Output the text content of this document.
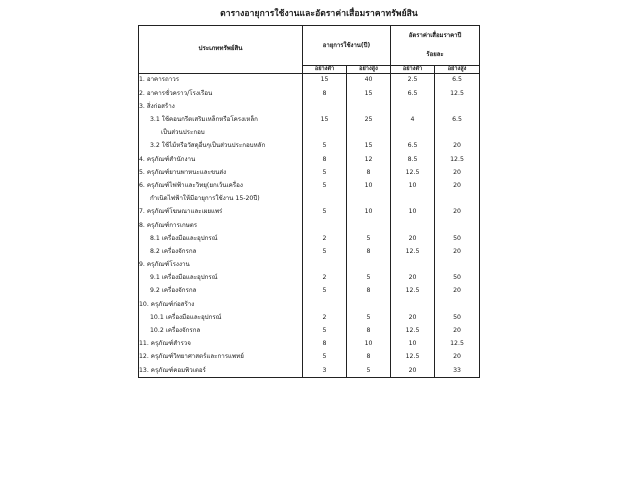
ตารางอายุการใช้งานและอัตราค่าเสื่อมราคาทรัพย์สิน
ประเภททรัพย์สิน	อายุการใช้งาน(ปี)		อัตราค่าเสื่อมราคาปี	
			ร้อยละ	
	อย่างต่ำ	อย่างสูง	อย่างต่ำ	อย่างสูง
1. อาคารถาวร	15	40	2.5	6.5
2. อาคารชั่วคราว/โรงเรือน	8	15	6.5	12.5
3. สิ่งก่อสร้าง				
3.1 ใช้คอนกรีตเสริมเหล็กหรือโครงเหล็ก	15	25	4	6.5
เป็นส่วนประกอบ				
3.2 ใช้ไม้หรือวัสดุอื่นๆเป็นส่วนประกอบหลัก	5	15	6.5	20
4. ครุภัณฑ์สำนักงาน	8	12	8.5	12.5
5. ครุภัณฑ์ยานพาหนะและขนส่ง	5	8	12.5	20
6. ครุภัณฑ์ไฟฟ้าและวิทยุ(ยกเว้นเครื่อง	5	10	10	20
กำเนิดไฟฟ้าให้มีอายุการใช้งาน 15-20ปี)				
7. ครุภัณฑ์โฆษณาและเผยแพร่	5	10	10	20
8. ครุภัณฑ์การเกษตร				
8.1 เครื่องมือและอุปกรณ์	2	5	20	50
8.2 เครื่องจักรกล	5	8	12.5	20
9. ครุภัณฑ์โรงงาน				
9.1 เครื่องมือและอุปกรณ์	2	5	20	50
9.2 เครื่องจักรกล	5	8	12.5	20
10. ครุภัณฑ์ก่อสร้าง				
10.1 เครื่องมือและอุปกรณ์	2	5	20	50
10.2 เครื่องจักรกล	5	8	12.5	20
11. ครุภัณฑ์สำรวจ	8	10	10	12.5
12. ครุภัณฑ์วิทยาศาสตร์และการแพทย์	5	8	12.5	20
13. ครุภัณฑ์คอมพิวเตอร์	3	5	20	33
